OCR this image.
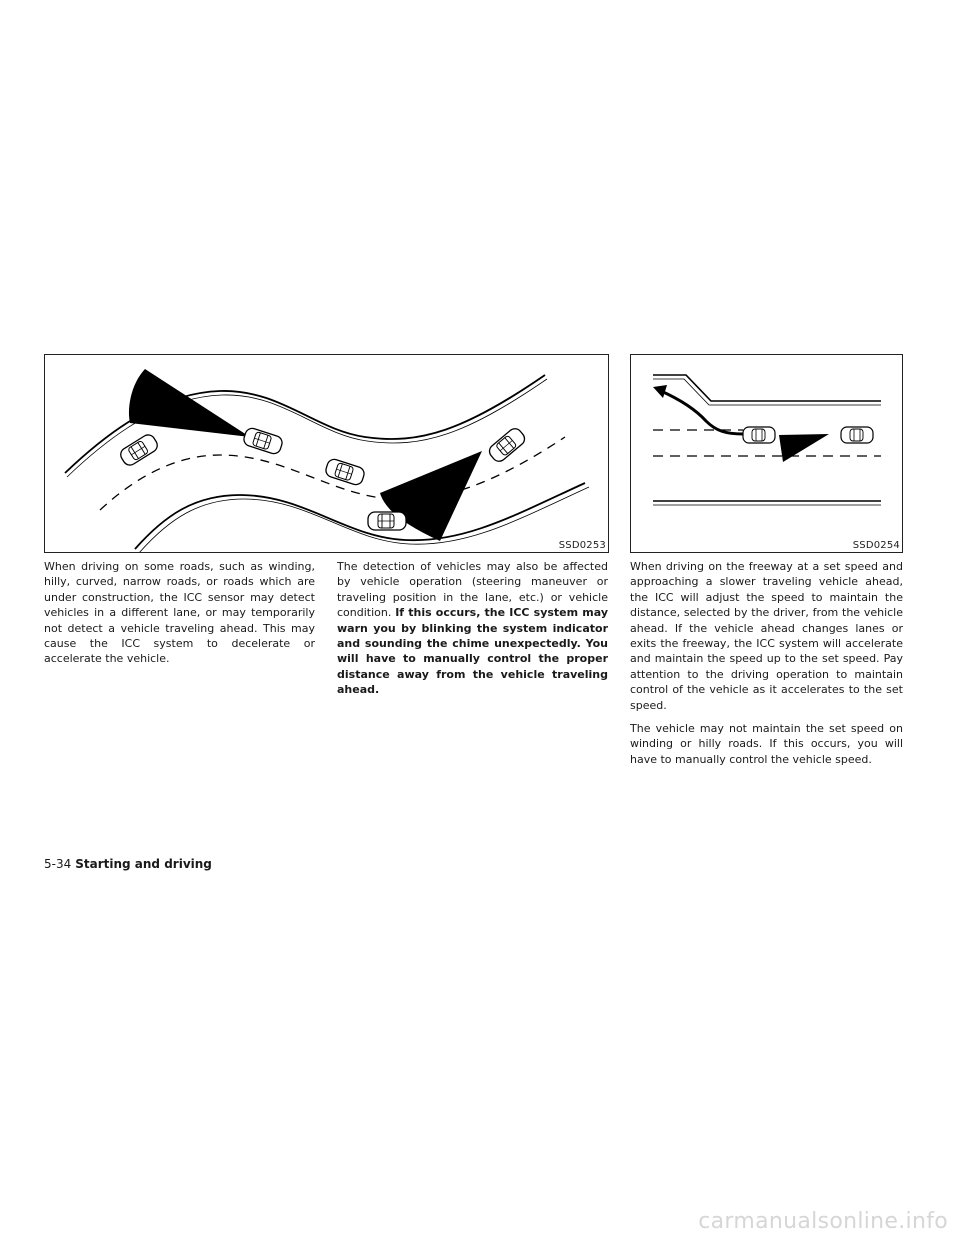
SSD0253	SSD0254

When driving on some roads, such as winding, hilly, curved, narrow roads, or roads which are under construction, the ICC sensor may detect vehicles in a different lane, or may temporarily not detect a vehicle traveling ahead. This may cause the ICC system to decelerate or accelerate the vehicle.

The detection of vehicles may also be affected by vehicle operation (steering maneuver or traveling position in the lane, etc.) or vehicle condition. If this occurs, the ICC system may warn you by blinking the system indicator and sounding the chime unexpectedly. You will have to manually control the proper distance away from the vehicle traveling ahead.

When driving on the freeway at a set speed and approaching a slower traveling vehicle ahead, the ICC will adjust the speed to maintain the distance, selected by the driver, from the vehicle ahead. If the vehicle ahead changes lanes or exits the freeway, the ICC system will accelerate and maintain the speed up to the set speed. Pay attention to the driving operation to maintain control of the vehicle as it accelerates to the set speed.

The vehicle may not maintain the set speed on winding or hilly roads. If this occurs, you will have to manually control the vehicle speed.

5-34 Starting and driving
carmanualsonline.info
